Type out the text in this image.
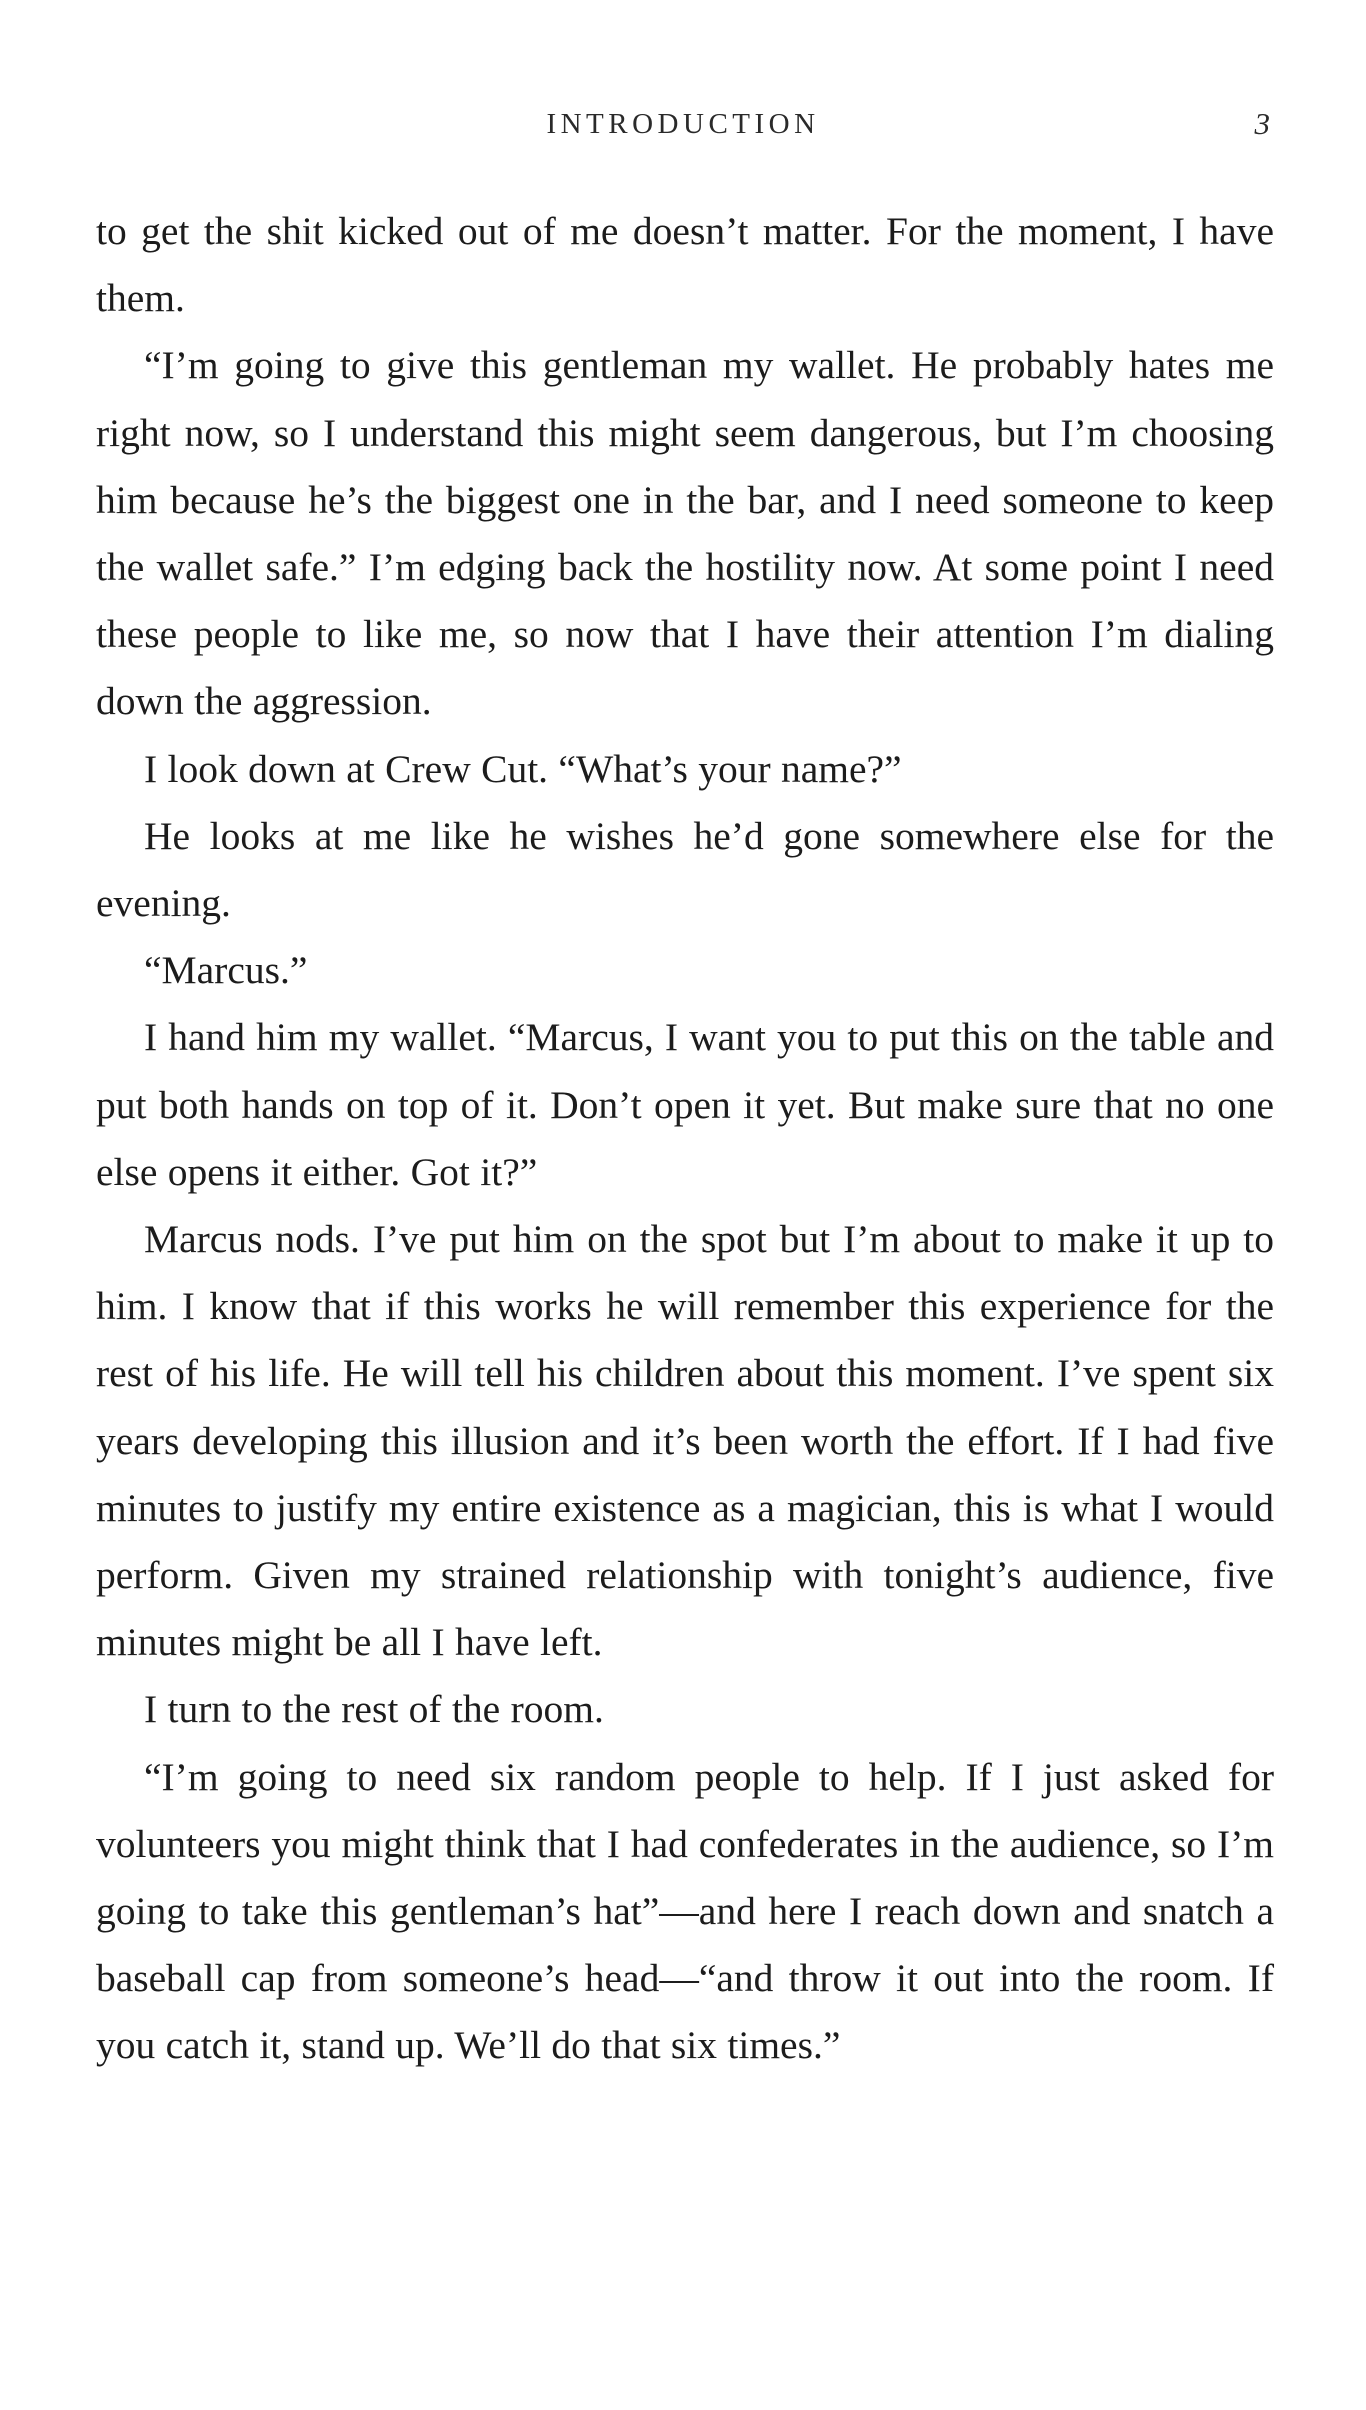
INTRODUCTION	3

to get the shit kicked out of me doesn’t matter. For the moment, I have them.

“I’m going to give this gentleman my wallet. He probably hates me right now, so I understand this might seem dangerous, but I’m choosing him because he’s the biggest one in the bar, and I need someone to keep the wallet safe.” I’m edging back the hostility now. At some point I need these people to like me, so now that I have their attention I’m dialing down the aggression.

I look down at Crew Cut. “What’s your name?”

He looks at me like he wishes he’d gone somewhere else for the evening.

“Marcus.”

I hand him my wallet. “Marcus, I want you to put this on the table and put both hands on top of it. Don’t open it yet. But make sure that no one else opens it either. Got it?”

Marcus nods. I’ve put him on the spot but I’m about to make it up to him. I know that if this works he will remember this experience for the rest of his life. He will tell his children about this moment. I’ve spent six years developing this illusion and it’s been worth the effort. If I had five minutes to justify my entire existence as a magician, this is what I would perform. Given my strained relationship with tonight’s audience, five minutes might be all I have left.

I turn to the rest of the room.

“I’m going to need six random people to help. If I just asked for volunteers you might think that I had confederates in the audience, so I’m going to take this gentleman’s hat”—and here I reach down and snatch a baseball cap from someone’s head—“and throw it out into the room. If you catch it, stand up. We’ll do that six times.”
